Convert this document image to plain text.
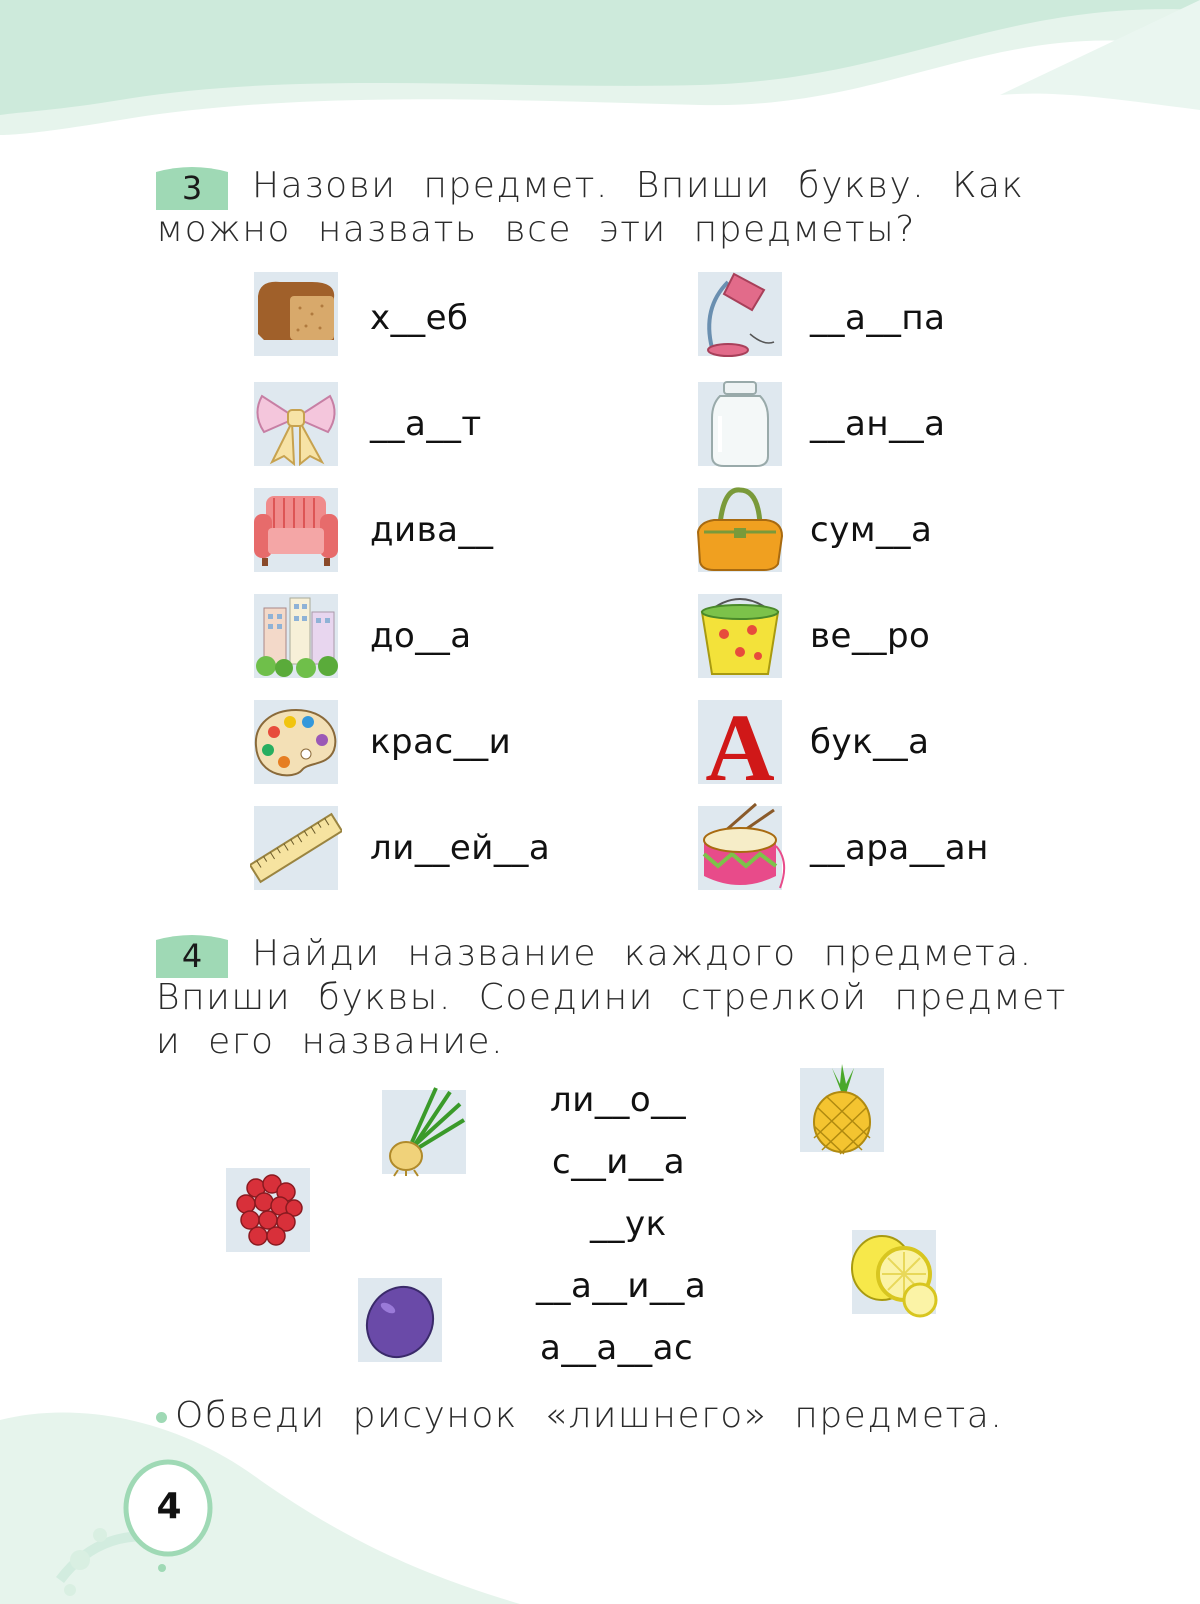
3	Назови предмет. Впиши букву. Как

можно назвать все эти предметы?

х__еб
__а__т
дива__
до__а
крас__и
ли__ей__а
__а__па
__ан__а
сум__а
ве__ро
А бук__а
__ара__ан
4	Найди название каждого предмета.

Впиши буквы. Соедини стрелкой предмет

и его название.

ли__о__
с__и__а
__ук
__а__и__а
а__а__ас
Обведи рисунок «лишнего» предмета.
4
